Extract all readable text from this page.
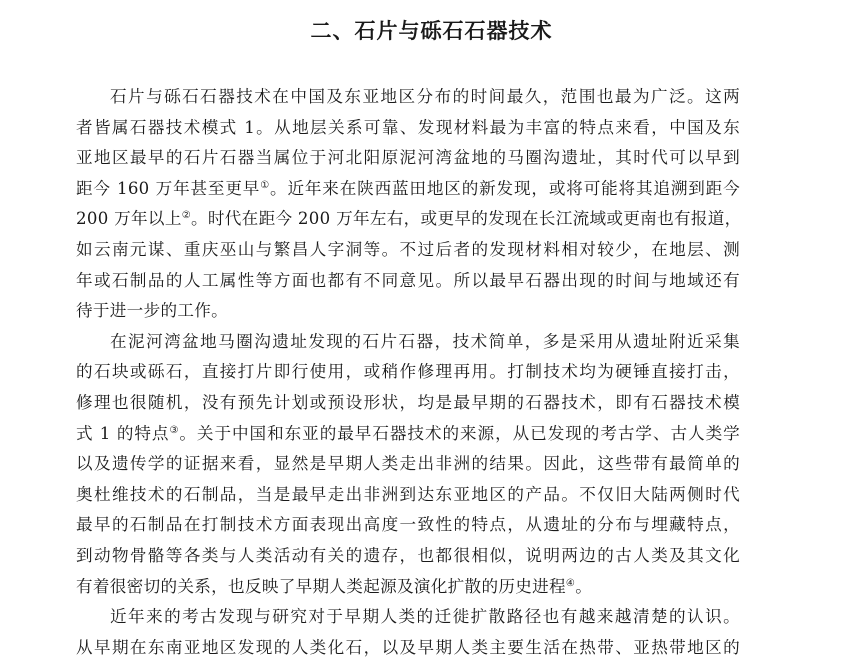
二、石片与砾石石器技术
石片与砾石石器技术在中国及东亚地区分布的时间最久，范围也最为广泛。这两
者皆属石器技术模式 1。从地层关系可靠、发现材料最为丰富的特点来看，中国及东
亚地区最早的石片石器当属位于河北阳原泥河湾盆地的马圈沟遗址，其时代可以早到
距今 160 万年甚至更早①。近年来在陕西蓝田地区的新发现，或将可能将其追溯到距今
200 万年以上②。时代在距今 200 万年左右，或更早的发现在长江流域或更南也有报道，
如云南元谋、重庆巫山与繁昌人字洞等。不过后者的发现材料相对较少，在地层、测
年或石制品的人工属性等方面也都有不同意见。所以最早石器出现的时间与地域还有
待于进一步的工作。
在泥河湾盆地马圈沟遗址发现的石片石器，技术简单，多是采用从遗址附近采集
的石块或砾石，直接打片即行使用，或稍作修理再用。打制技术均为硬锤直接打击，
修理也很随机，没有预先计划或预设形状，均是最早期的石器技术，即有石器技术模
式 1 的特点③。关于中国和东亚的最早石器技术的来源，从已发现的考古学、古人类学
以及遗传学的证据来看，显然是早期人类走出非洲的结果。因此，这些带有最简单的
奥杜维技术的石制品，当是最早走出非洲到达东亚地区的产品。不仅旧大陆两侧时代
最早的石制品在打制技术方面表现出高度一致性的特点，从遗址的分布与埋藏特点，
到动物骨骼等各类与人类活动有关的遗存，也都很相似，说明两边的古人类及其文化
有着很密切的关系，也反映了早期人类起源及演化扩散的历史进程④。
近年来的考古发现与研究对于早期人类的迁徙扩散路径也有越来越清楚的认识。
从早期在东南亚地区发现的人类化石，以及早期人类主要生活在热带、亚热带地区的
